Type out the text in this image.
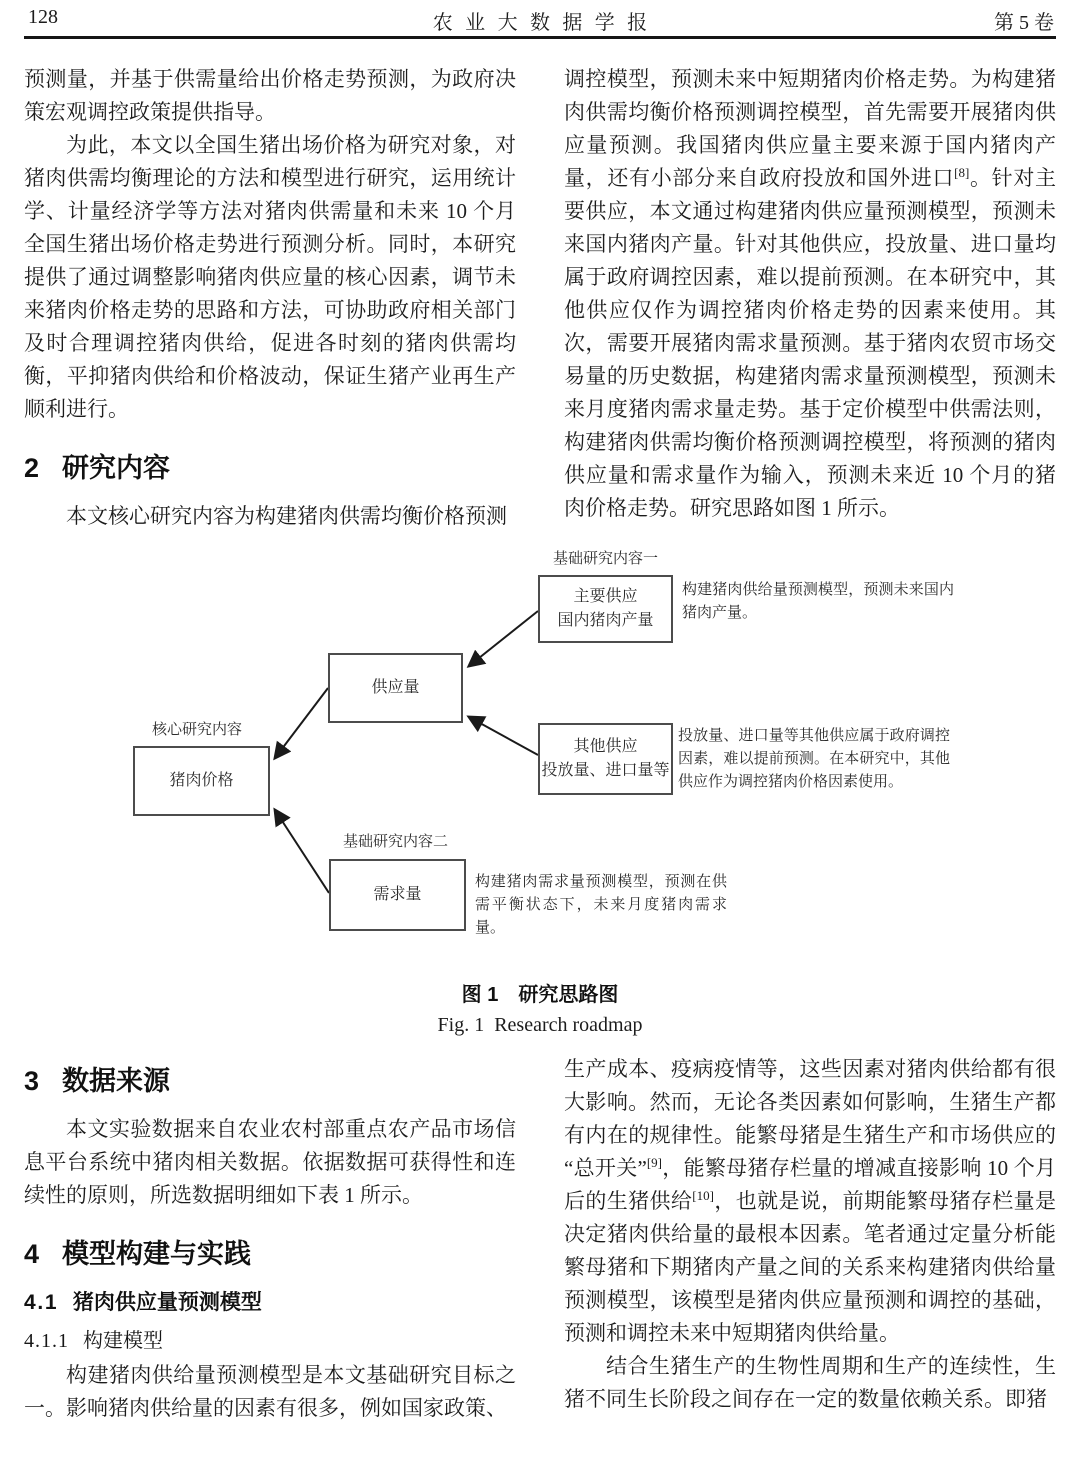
128	农业大数据学报	第 5 卷

预测量，并基于供需量给出价格走势预测，为政府决策宏观调控政策提供指导。

为此，本文以全国生猪出场价格为研究对象，对猪肉供需均衡理论的方法和模型进行研究，运用统计学、计量经济学等方法对猪肉供需量和未来 10 个月全国生猪出场价格走势进行预测分析。同时，本研究提供了通过调整影响猪肉供应量的核心因素，调节未来猪肉价格走势的思路和方法，可协助政府相关部门及时合理调控猪肉供给，促进各时刻的猪肉供需均衡，平抑猪肉供给和价格波动，保证生猪产业再生产顺利进行。

2 研究内容

本文核心研究内容为构建猪肉供需均衡价格预测

调控模型，预测未来中短期猪肉价格走势。为构建猪肉供需均衡价格预测调控模型，首先需要开展猪肉供应量预测。我国猪肉供应量主要来源于国内猪肉产量，还有小部分来自政府投放和国外进口[8]。针对主要供应，本文通过构建猪肉供应量预测模型，预测未来国内猪肉产量。针对其他供应，投放量、进口量均属于政府调控因素，难以提前预测。在本研究中，其他供应仅作为调控猪肉价格走势的因素来使用。其次，需要开展猪肉需求量预测。基于猪肉农贸市场交易量的历史数据，构建猪肉需求量预测模型，预测未来月度猪肉需求量走势。基于定价模型中供需法则，构建猪肉供需均衡价格预测调控模型，将预测的猪肉供应量和需求量作为输入，预测未来近 10 个月的猪肉价格走势。研究思路如图 1 所示。

基础研究内容一
主要供应
国内猪肉产量
构建猪肉供给量预测模型，预测未来国内猪肉产量。
供应量
核心研究内容
猪肉价格
其他供应
投放量、进口量等
投放量、进口量等其他供应属于政府调控因素，难以提前预测。在本研究中，其他供应作为调控猪肉价格因素使用。
基础研究内容二
需求量
构建猪肉需求量预测模型，预测在供需平衡状态下，未来月度猪肉需求量。
图 1　研究思路图
Fig. 1  Research roadmap
3 数据来源

本文实验数据来自农业农村部重点农产品市场信息平台系统中猪肉相关数据。依据数据可获得性和连续性的原则，所选数据明细如下表 1 所示。

4 模型构建与实践
4.1 猪肉供应量预测模型
4.1.1 构建模型

构建猪肉供给量预测模型是本文基础研究目标之一。影响猪肉供给量的因素有很多，例如国家政策、

生产成本、疫病疫情等，这些因素对猪肉供给都有很大影响。然而，无论各类因素如何影响，生猪生产都有内在的规律性。能繁母猪是生猪生产和市场供应的“总开关”[9]，能繁母猪存栏量的增减直接影响 10 个月后的生猪供给[10]，也就是说，前期能繁母猪存栏量是决定猪肉供给量的最根本因素。笔者通过定量分析能繁母猪和下期猪肉产量之间的关系来构建猪肉供给量预测模型，该模型是猪肉供应量预测和调控的基础，预测和调控未来中短期猪肉供给量。

结合生猪生产的生物性周期和生产的连续性，生猪不同生长阶段之间存在一定的数量依赖关系。即猪
